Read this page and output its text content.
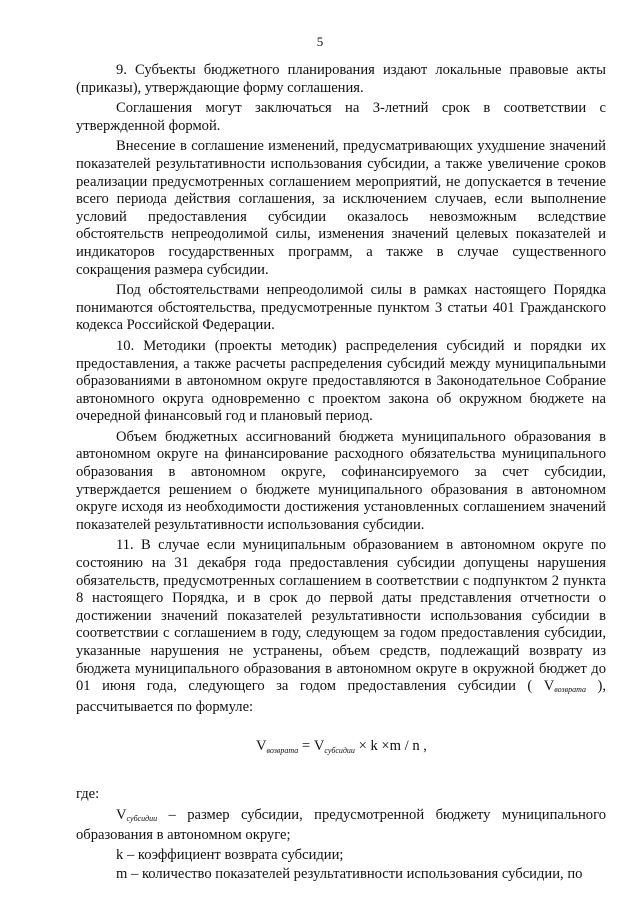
5

9. Субъекты бюджетного планирования издают локальные правовые акты (приказы), утверждающие форму соглашения.

Соглашения могут заключаться на 3-летний срок в соответствии с утвержденной формой.

Внесение в соглашение изменений, предусматривающих ухудшение значений показателей результативности использования субсидии, а также увеличение сроков реализации предусмотренных соглашением мероприятий, не допускается в течение всего периода действия соглашения, за исключением случаев, если выполнение условий предоставления субсидии оказалось невозможным вследствие обстоятельств непреодолимой силы, изменения значений целевых показателей и индикаторов государственных программ, а также в случае существенного сокращения размера субсидии.

Под обстоятельствами непреодолимой силы в рамках настоящего Порядка понимаются обстоятельства, предусмотренные пунктом 3 статьи 401 Гражданского кодекса Российской Федерации.

10. Методики (проекты методик) распределения субсидий и порядки их предоставления, а также расчеты распределения субсидий между муниципальными образованиями в автономном округе предоставляются в Законодательное Собрание автономного округа одновременно с проектом закона об окружном бюджете на очередной финансовый год и плановый период.

Объем бюджетных ассигнований бюджета муниципального образования в автономном округе на финансирование расходного обязательства муниципального образования в автономном округе, софинансируемого за счет субсидии, утверждается решением о бюджете муниципального образования в автономном округе исходя из необходимости достижения установленных соглашением значений показателей результативности использования субсидии.

11. В случае если муниципальным образованием в автономном округе по состоянию на 31 декабря года предоставления субсидии допущены нарушения обязательств, предусмотренных соглашением в соответствии с подпунктом 2 пункта 8 настоящего Порядка, и в срок до первой даты представления отчетности о достижении значений показателей результативности использования субсидии в соответствии с соглашением в году, следующем за годом предоставления субсидии, указанные нарушения не устранены, объем средств, подлежащий возврату из бюджета муниципального образования в автономном округе в окружной бюджет до 01 июня года, следующего за годом предоставления субсидии ( Vвозврата ), рассчитывается по формуле:

$V_{возврата} = V_{субсидии} \times k \times m / n$ ,

где:

Vсубсидии – размер субсидии, предусмотренной бюджету муниципального образования в автономном округе;

k – коэффициент возврата субсидии;

m – количество показателей результативности использования субсидии, по
